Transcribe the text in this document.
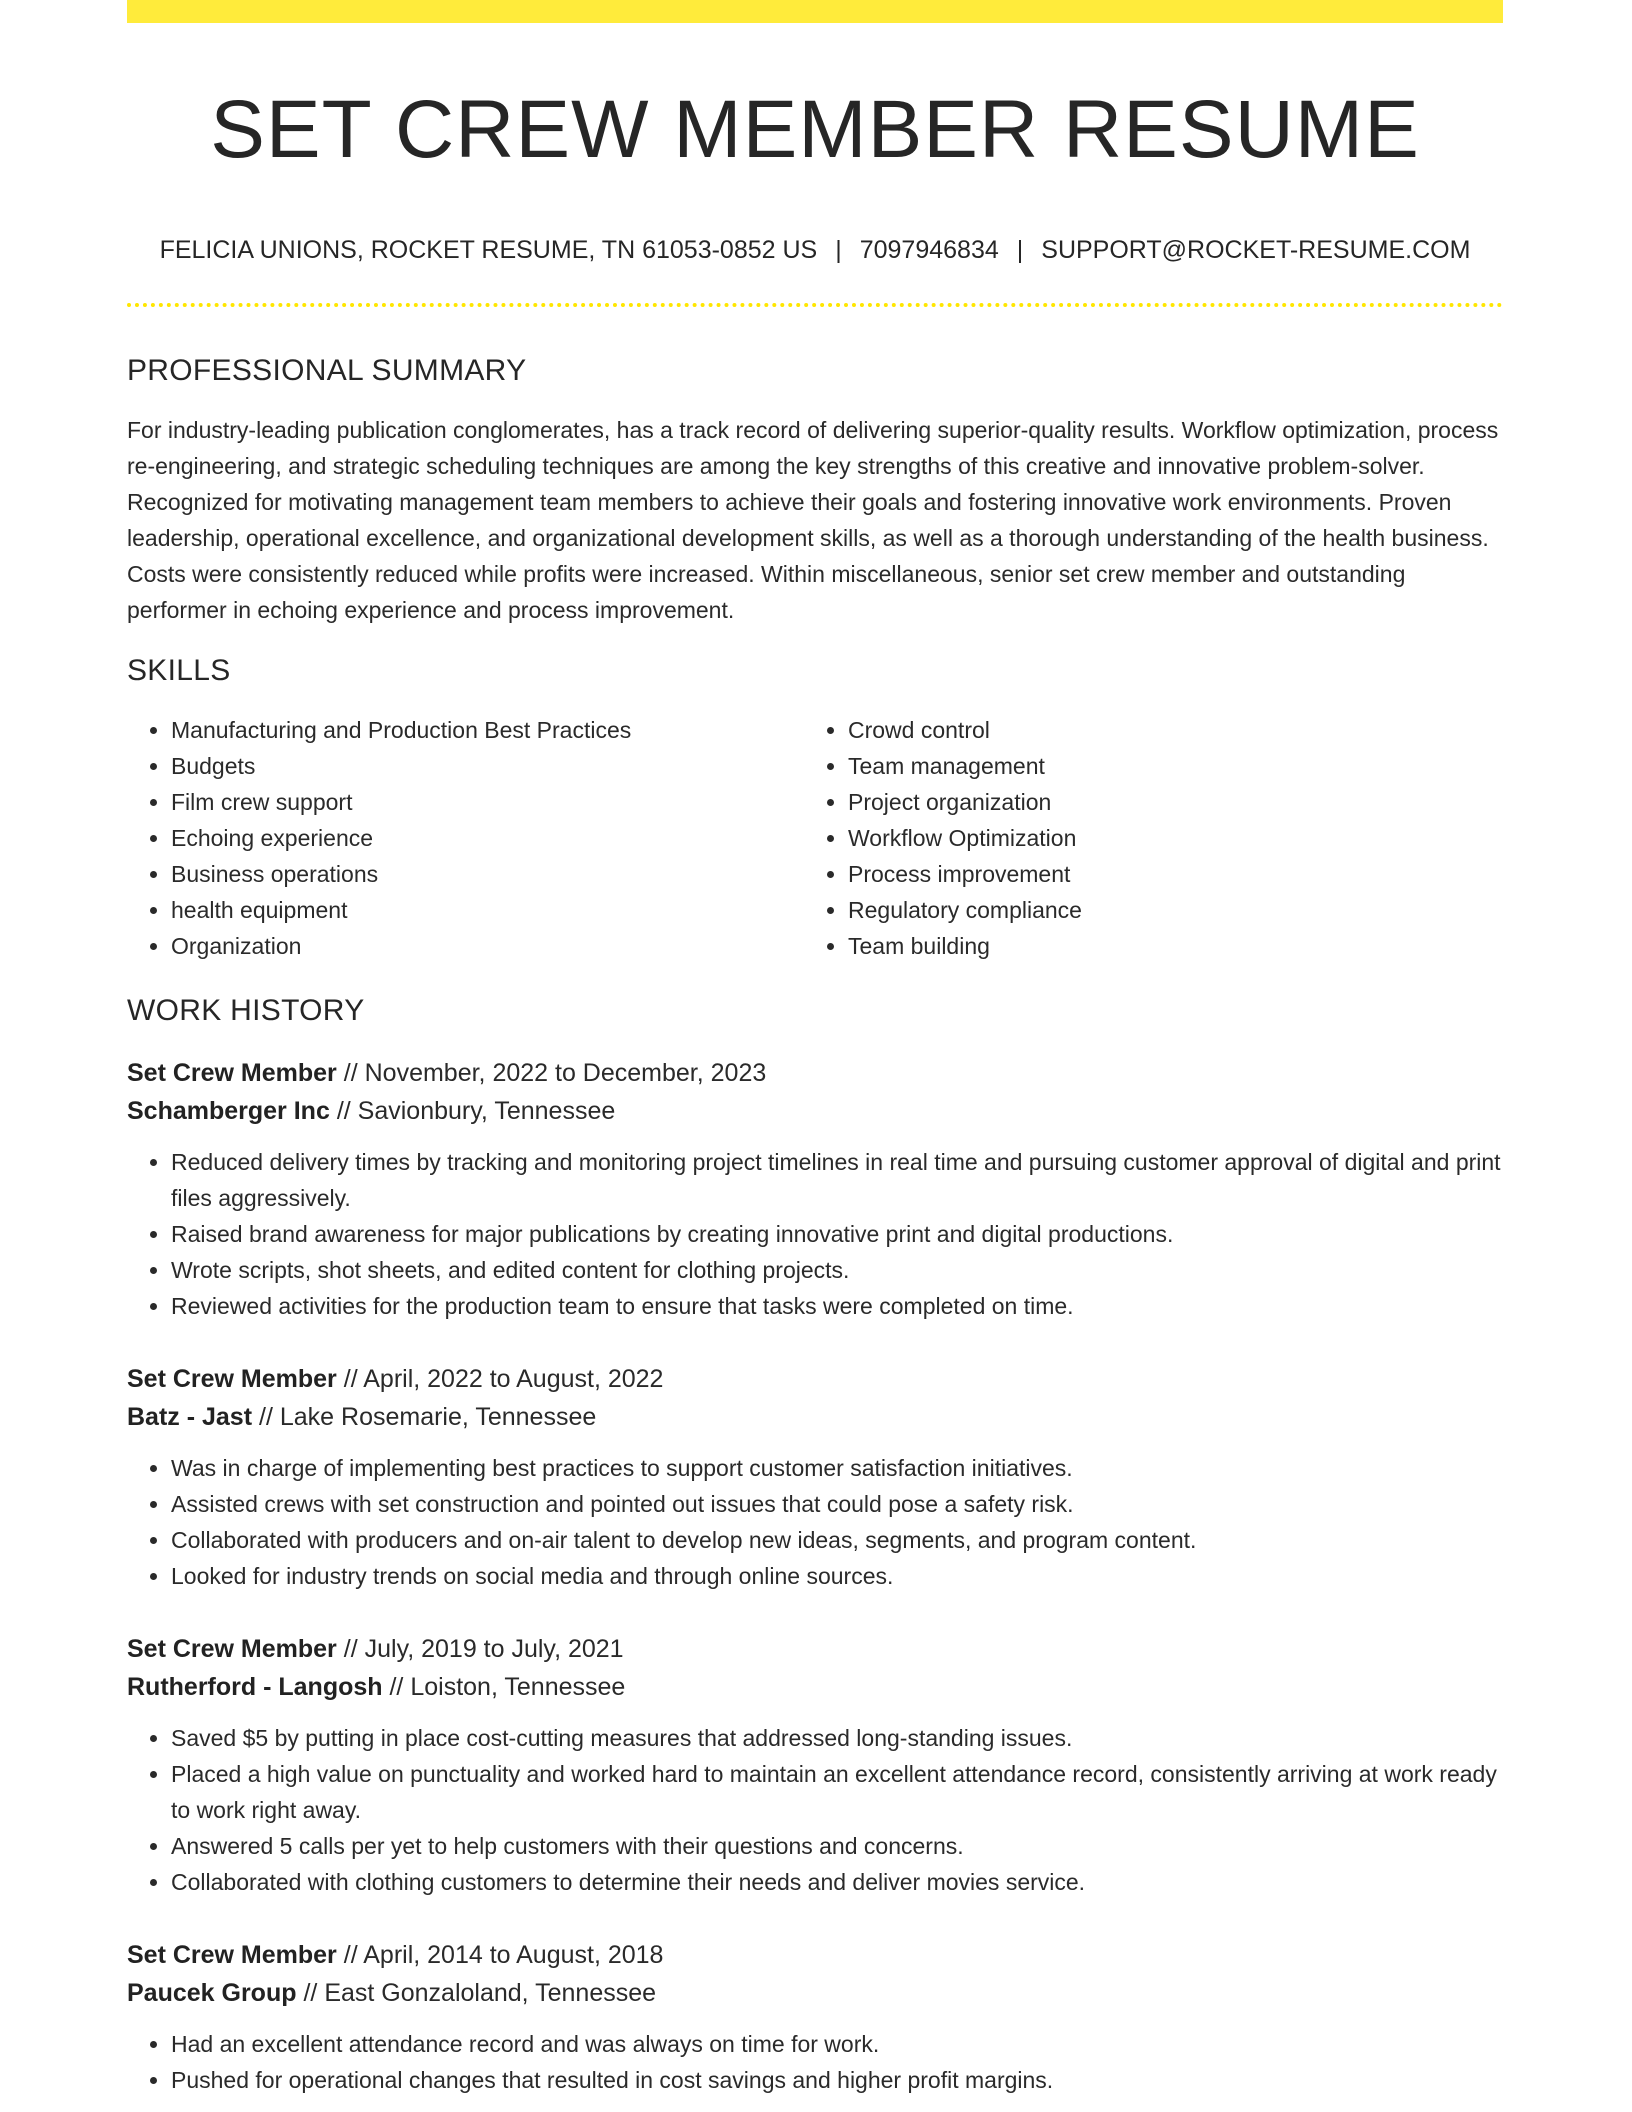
SET CREW MEMBER RESUME
FELICIA UNIONS, ROCKET RESUME, TN 61053-0852 US | 7097946834 | SUPPORT@ROCKET-RESUME.COM
PROFESSIONAL SUMMARY
For industry-leading publication conglomerates, has a track record of delivering superior-quality results. Workflow optimization, process re-engineering, and strategic scheduling techniques are among the key strengths of this creative and innovative problem-solver. Recognized for motivating management team members to achieve their goals and fostering innovative work environments. Proven leadership, operational excellence, and organizational development skills, as well as a thorough understanding of the health business. Costs were consistently reduced while profits were increased. Within miscellaneous, senior set crew member and outstanding performer in echoing experience and process improvement.
SKILLS
• Manufacturing and Production Best Practices
• Budgets
• Film crew support
• Echoing experience
• Business operations
• health equipment
• Organization
• Crowd control
• Team management
• Project organization
• Workflow Optimization
• Process improvement
• Regulatory compliance
• Team building
WORK HISTORY
Set Crew Member // November, 2022 to December, 2023
Schamberger Inc // Savionbury, Tennessee
• Reduced delivery times by tracking and monitoring project timelines in real time and pursuing customer approval of digital and print files aggressively.
• Raised brand awareness for major publications by creating innovative print and digital productions.
• Wrote scripts, shot sheets, and edited content for clothing projects.
• Reviewed activities for the production team to ensure that tasks were completed on time.
Set Crew Member // April, 2022 to August, 2022
Batz - Jast // Lake Rosemarie, Tennessee
• Was in charge of implementing best practices to support customer satisfaction initiatives.
• Assisted crews with set construction and pointed out issues that could pose a safety risk.
• Collaborated with producers and on-air talent to develop new ideas, segments, and program content.
• Looked for industry trends on social media and through online sources.
Set Crew Member // July, 2019 to July, 2021
Rutherford - Langosh // Loiston, Tennessee
• Saved $5 by putting in place cost-cutting measures that addressed long-standing issues.
• Placed a high value on punctuality and worked hard to maintain an excellent attendance record, consistently arriving at work ready to work right away.
• Answered 5 calls per yet to help customers with their questions and concerns.
• Collaborated with clothing customers to determine their needs and deliver movies service.
Set Crew Member // April, 2014 to August, 2018
Paucek Group // East Gonzaloland, Tennessee
• Had an excellent attendance record and was always on time for work.
• Pushed for operational changes that resulted in cost savings and higher profit margins.
